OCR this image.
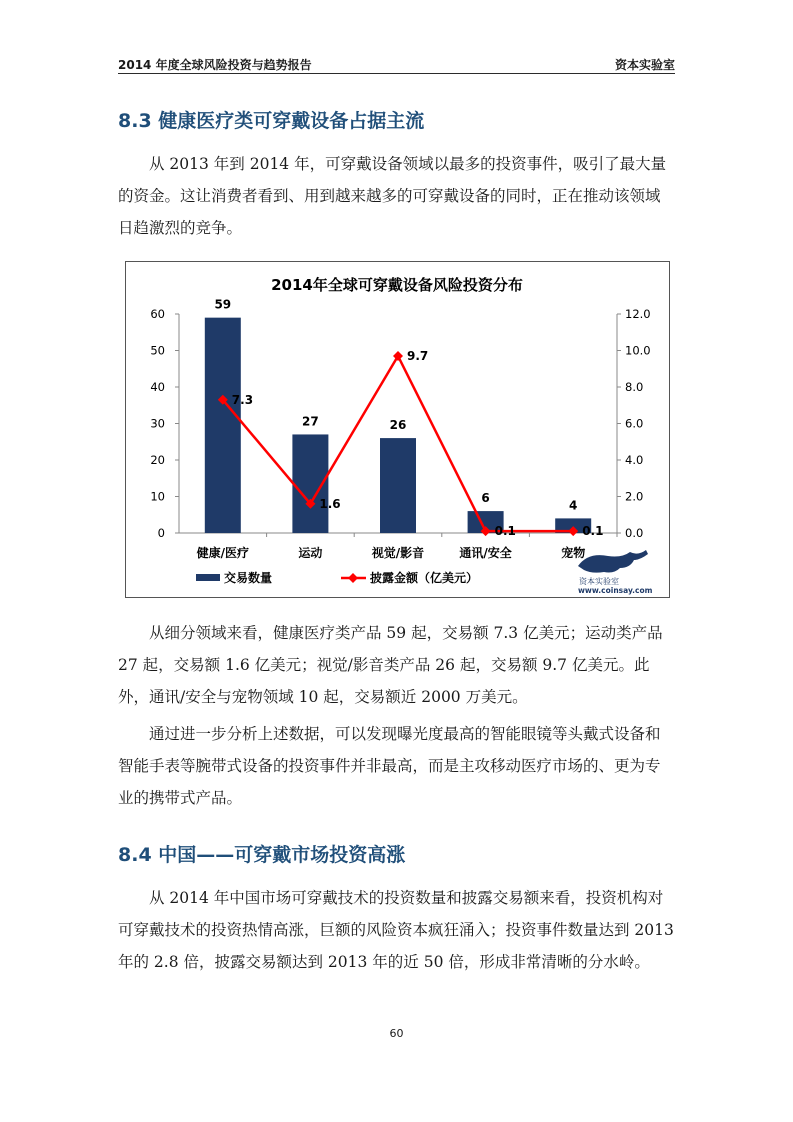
2014 年度全球风险投资与趋势报告	资本实验室
8.3 健康医疗类可穿戴设备占据主流

从 2013 年到 2014 年，可穿戴设备领域以最多的投资事件，吸引了最大量的资金。这让消费者看到、用到越来越多的可穿戴设备的同时，正在推动该领域日趋激烈的竞争。

2014年全球可穿戴设备风险投资分布
0
10
20
30
40
50
60
0.0
2.0
4.0
6.0
8.0
10.0
12.0
健康/医疗	运动	视觉/影音	通讯/安全	宠物
59
27	26
6
4
7.3
1.6
9.7
0.1	0.1
交易数量	披露金额（亿美元）	资本实验室
www.coinsay.com

从细分领域来看，健康医疗类产品 59 起，交易额 7.3 亿美元；运动类产品 27 起，交易额 1.6 亿美元；视觉/影音类产品 26 起，交易额 9.7 亿美元。此外，通讯/安全与宠物领域 10 起，交易额近 2000 万美元。

通过进一步分析上述数据，可以发现曝光度最高的智能眼镜等头戴式设备和智能手表等腕带式设备的投资事件并非最高，而是主攻移动医疗市场的、更为专业的携带式产品。

8.4 中国——可穿戴市场投资高涨

从 2014 年中国市场可穿戴技术的投资数量和披露交易额来看，投资机构对可穿戴技术的投资热情高涨，巨额的风险资本疯狂涌入；投资事件数量达到 2013 年的 2.8 倍，披露交易额达到 2013 年的近 50 倍，形成非常清晰的分水岭。

60
